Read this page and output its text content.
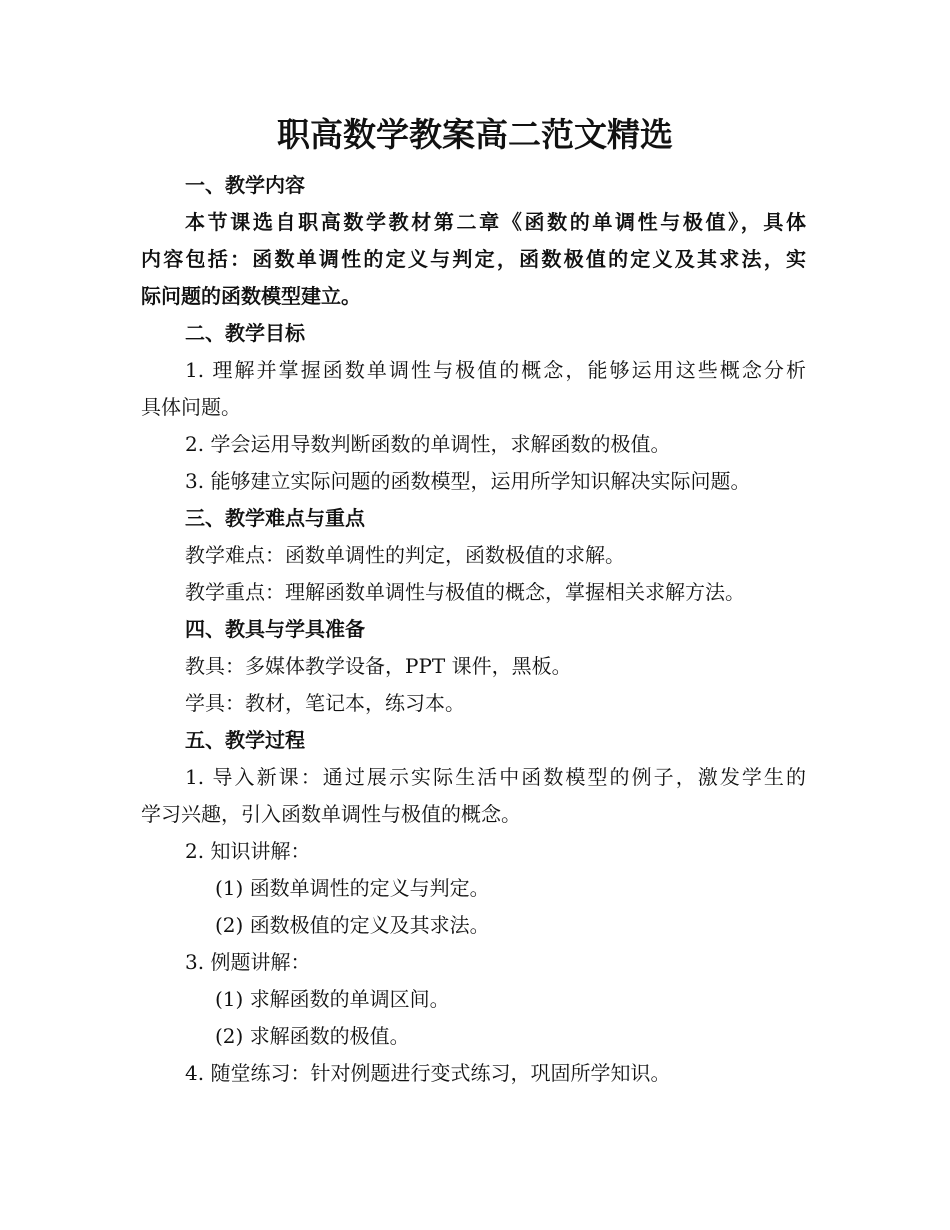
职高数学教案高二范文精选
一、教学内容
本节课选自职高数学教材第二章《函数的单调性与极值》，具体
内容包括：函数单调性的定义与判定，函数极值的定义及其求法，实
际问题的函数模型建立。
二、教学目标
1. 理解并掌握函数单调性与极值的概念，能够运用这些概念分析
具体问题。
2. 学会运用导数判断函数的单调性，求解函数的极值。
3. 能够建立实际问题的函数模型，运用所学知识解决实际问题。
三、教学难点与重点
教学难点：函数单调性的判定，函数极值的求解。
教学重点：理解函数单调性与极值的概念，掌握相关求解方法。
四、教具与学具准备
教具：多媒体教学设备，PPT 课件，黑板。
学具：教材，笔记本，练习本。
五、教学过程
1. 导入新课：通过展示实际生活中函数模型的例子，激发学生的
学习兴趣，引入函数单调性与极值的概念。
2. 知识讲解：
(1) 函数单调性的定义与判定。
(2) 函数极值的定义及其求法。
3. 例题讲解：
(1) 求解函数的单调区间。
(2) 求解函数的极值。
4. 随堂练习：针对例题进行变式练习，巩固所学知识。
